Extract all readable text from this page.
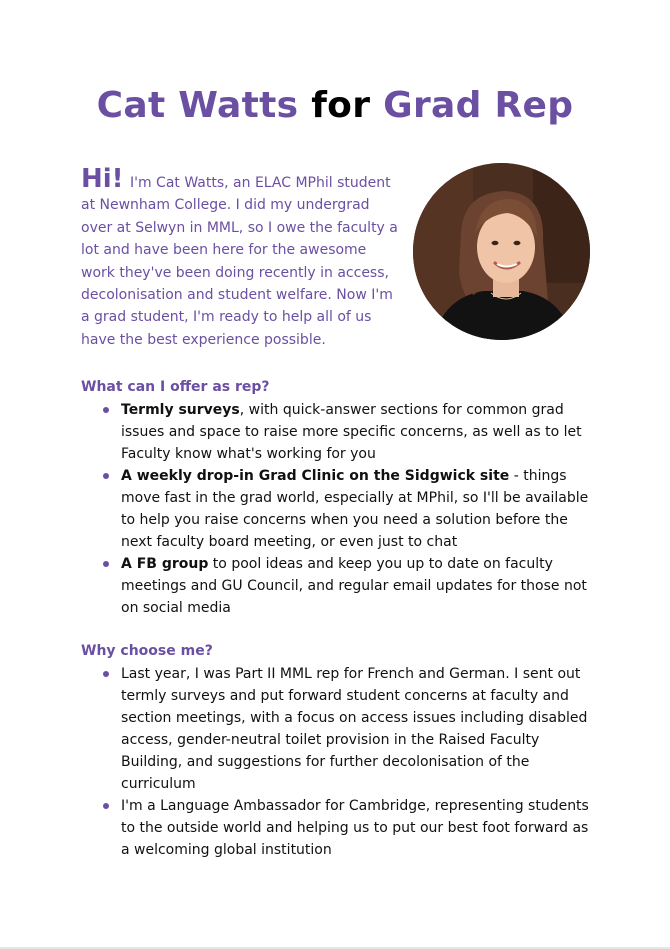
Cat Watts for Grad Rep

Hi! I'm Cat Watts, an ELAC MPhil student at Newnham College. I did my undergrad over at Selwyn in MML, so I owe the faculty a lot and have been here for the awesome work they've been doing recently in access, decolonisation and student welfare. Now I'm a grad student, I'm ready to help all of us have the best experience possible.

What can I offer as rep?
Termly surveys, with quick-answer sections for common grad issues and space to raise more specific concerns, as well as to let Faculty know what's working for you
A weekly drop-in Grad Clinic on the Sidgwick site - things move fast in the grad world, especially at MPhil, so I'll be available to help you raise concerns when you need a solution before the next faculty board meeting, or even just to chat
A FB group to pool ideas and keep you up to date on faculty meetings and GU Council, and regular email updates for those not on social media
Why choose me?
Last year, I was Part II MML rep for French and German. I sent out termly surveys and put forward student concerns at faculty and section meetings, with a focus on access issues including disabled access, gender-neutral toilet provision in the Raised Faculty Building, and suggestions for further decolonisation of the curriculum
I'm a Language Ambassador for Cambridge, representing students to the outside world and helping us to put our best foot forward as a welcoming global institution
